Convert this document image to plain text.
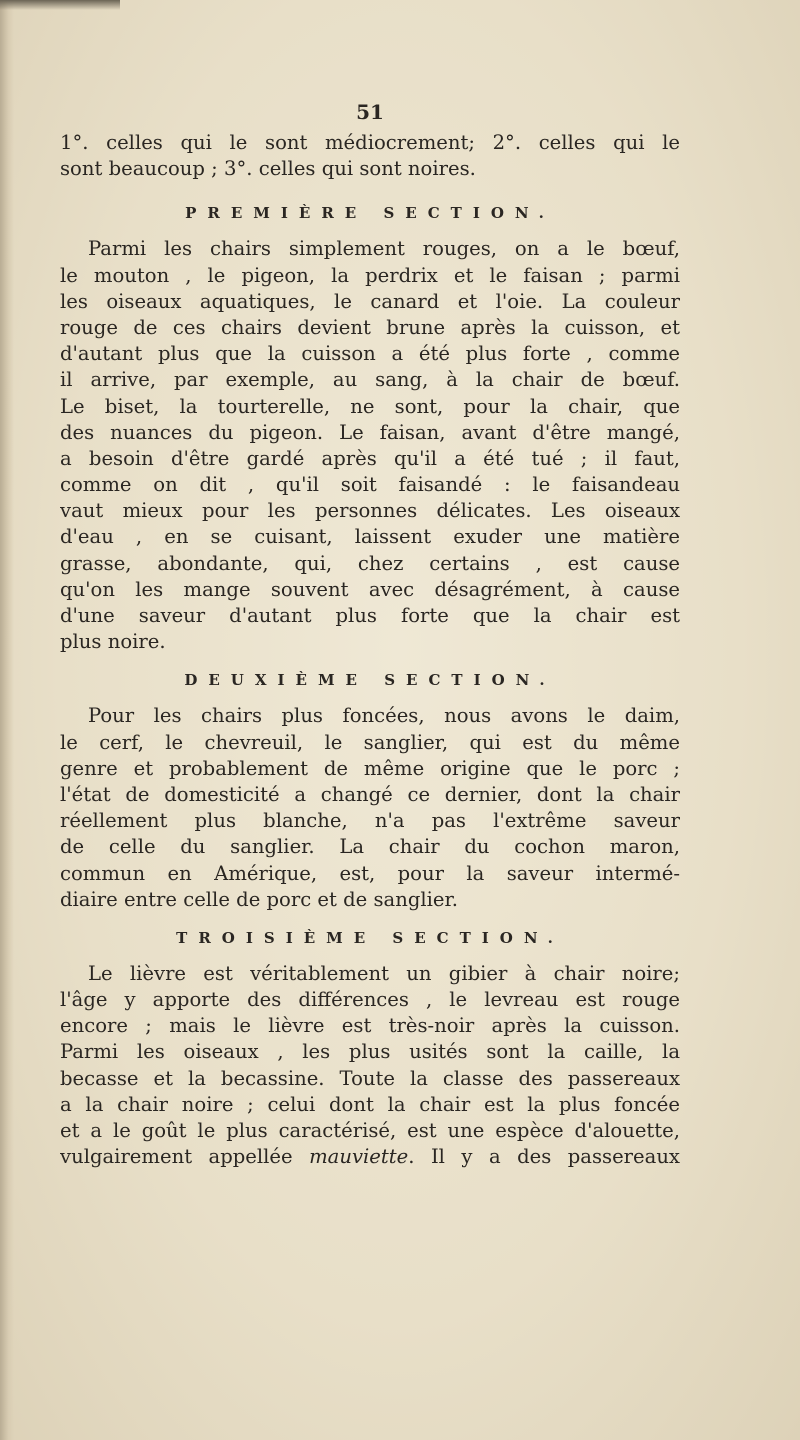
51
1°. celles qui le sont médiocrement; 2°. celles qui le
sont beaucoup ; 3°. celles qui sont noires.
PREMIÈRE SECTION.
Parmi les chairs simplement rouges, on a le bœuf,
le mouton , le pigeon, la perdrix et le faisan ; parmi
les oiseaux aquatiques, le canard et l'oie. La couleur
rouge de ces chairs devient brune après la cuisson, et
d'autant plus que la cuisson a été plus forte , comme
il arrive, par exemple, au sang, à la chair de bœuf.
Le biset, la tourterelle, ne sont, pour la chair, que
des nuances du pigeon. Le faisan, avant d'être mangé,
a besoin d'être gardé après qu'il a été tué ; il faut,
comme on dit , qu'il soit faisandé : le faisandeau
vaut mieux pour les personnes délicates. Les oiseaux
d'eau , en se cuisant, laissent exuder une matière
grasse, abondante, qui, chez certains , est cause
qu'on les mange souvent avec désagrément, à cause
d'une saveur d'autant plus forte que la chair est
plus noire.
DEUXIÈME SECTION.
Pour les chairs plus foncées, nous avons le daim,
le cerf, le chevreuil, le sanglier, qui est du même
genre et probablement de même origine que le porc ;
l'état de domesticité a changé ce dernier, dont la chair
réellement plus blanche, n'a pas l'extrême saveur
de celle du sanglier. La chair du cochon maron,
commun en Amérique, est, pour la saveur intermé-
diaire entre celle de porc et de sanglier.
TROISIÈME SECTION.
Le lièvre est véritablement un gibier à chair noire;
l'âge y apporte des différences , le levreau est rouge
encore ; mais le lièvre est très-noir après la cuisson.
Parmi les oiseaux , les plus usités sont la caille, la
becasse et la becassine. Toute la classe des passereaux
a la chair noire ; celui dont la chair est la plus foncée
et a le goût le plus caractérisé, est une espèce d'alouette,
vulgairement appellée mauviette. Il y a des passereaux
